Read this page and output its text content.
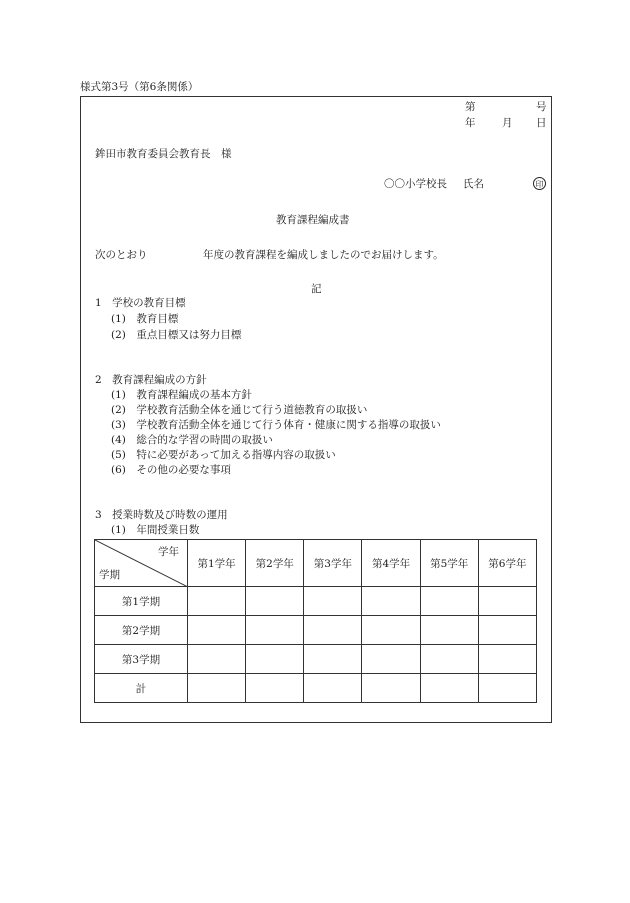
様式第3号（第6条関係）
第	号
年	月 日
鉾田市教育委員会教育長　様
〇〇小学校長 氏名	印
教育課程編成書
次のとおり	年度の教育課程を編成しましたのでお届けします。
記
1　学校の教育目標
(1)　教育目標
(2)　重点目標又は努力目標
2　教育課程編成の方針
(1)　教育課程編成の基本方針
(2)　学校教育活動全体を通じて行う道徳教育の取扱い
(3)　学校教育活動全体を通じて行う体育・健康に関する指導の取扱い
(4)　総合的な学習の時間の取扱い
(5)　特に必要があって加える指導内容の取扱い
(6)　その他の必要な事項
3　授業時数及び時数の運用
(1)　年間授業日数
学年
学期	第1学年	第2学年	第3学年	第4学年	第5学年	第6学年
第1学期						
第2学期						
第3学期						
計						
